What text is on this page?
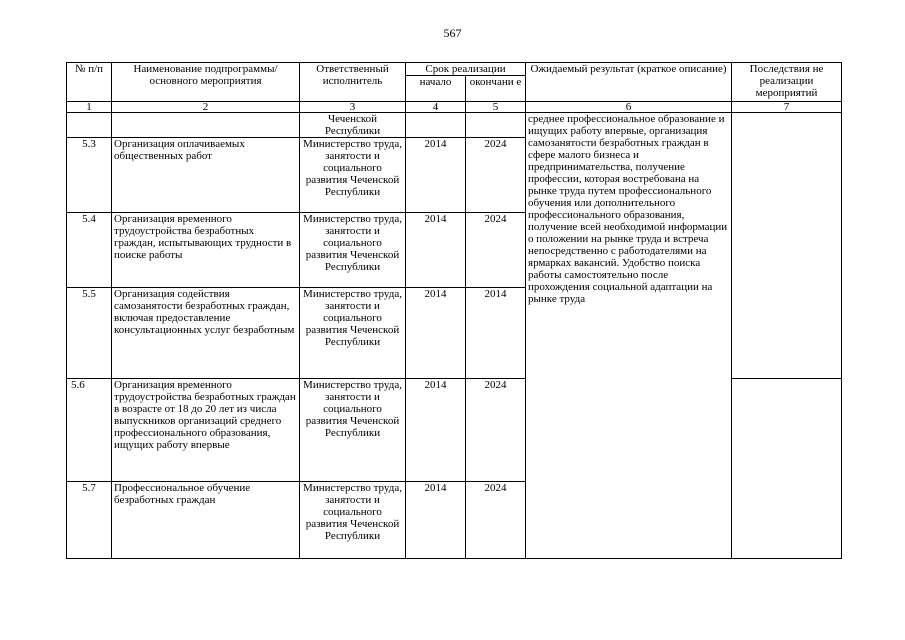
567
№ п/п	Наименование подпрограммы/ основного мероприятия	Ответственный исполнитель	Срок реализации		Ожидаемый результат (краткое описание)	Последствия не реализации мероприятий
			начало	окончани е		
1	2	3	4	5	6	7
		Чеченской Республики			среднее профессиональное образование и ищущих работу впервые, организация самозанятости безработных граждан в сфере малого бизнеса и предпринимательства, получение профессии, которая востребована на рынке труда путем профессионального обучения или дополнительного профессионального образования, получение всей необходимой информации о положении на рынке труда и встреча непосредственно с работодателями на ярмарках вакансий. Удобство поиска работы самостоятельно после прохождения социальной адаптации на рынке труда	
5.3	Организация оплачиваемых общественных работ	Министерство труда, занятости и социального развития Чеченской Республики	2014	2024		
5.4	Организация временного трудоустройства безработных граждан, испытывающих трудности в поиске работы	Министерство труда, занятости и социального развития Чеченской Республики	2014	2024		
5.5	Организация содействия самозанятости безработных граждан, включая предоставление консультационных услуг безработным	Министерство труда, занятости и социального развития Чеченской Республики	2014	2014		
5.6	Организация временного трудоустройства безработных граждан в возрасте от 18 до 20 лет из числа выпускников организаций среднего профессионального образования, ищущих работу впервые	Министерство труда, занятости и социального развития Чеченской Республики	2014	2024		
5.7	Профессиональное обучение безработных граждан	Министерство труда, занятости и социального развития Чеченской Республики	2014	2024		
